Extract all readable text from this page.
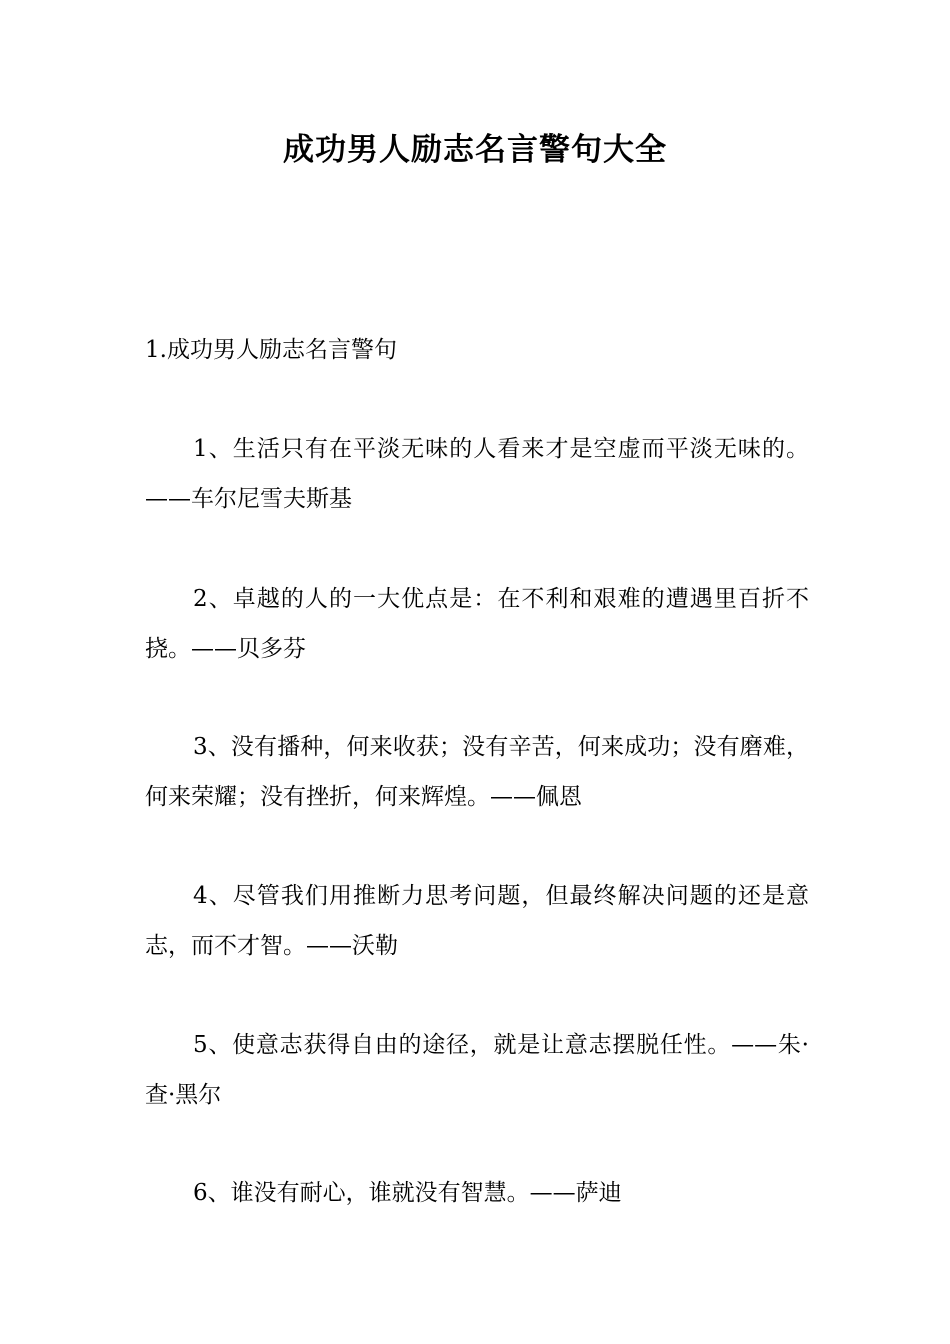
成功男人励志名言警句大全

1.成功男人励志名言警句

1、生活只有在平淡无味的人看来才是空虚而平淡无味的。——车尔尼雪夫斯基

2、卓越的人的一大优点是：在不利和艰难的遭遇里百折不挠。——贝多芬

3、没有播种，何来收获；没有辛苦，何来成功；没有磨难，何来荣耀；没有挫折，何来辉煌。——佩恩

4、尽管我们用推断力思考问题，但最终解决问题的还是意志，而不才智。——沃勒

5、使意志获得自由的途径，就是让意志摆脱任性。——朱·查·黑尔

6、谁没有耐心，谁就没有智慧。——萨迪
